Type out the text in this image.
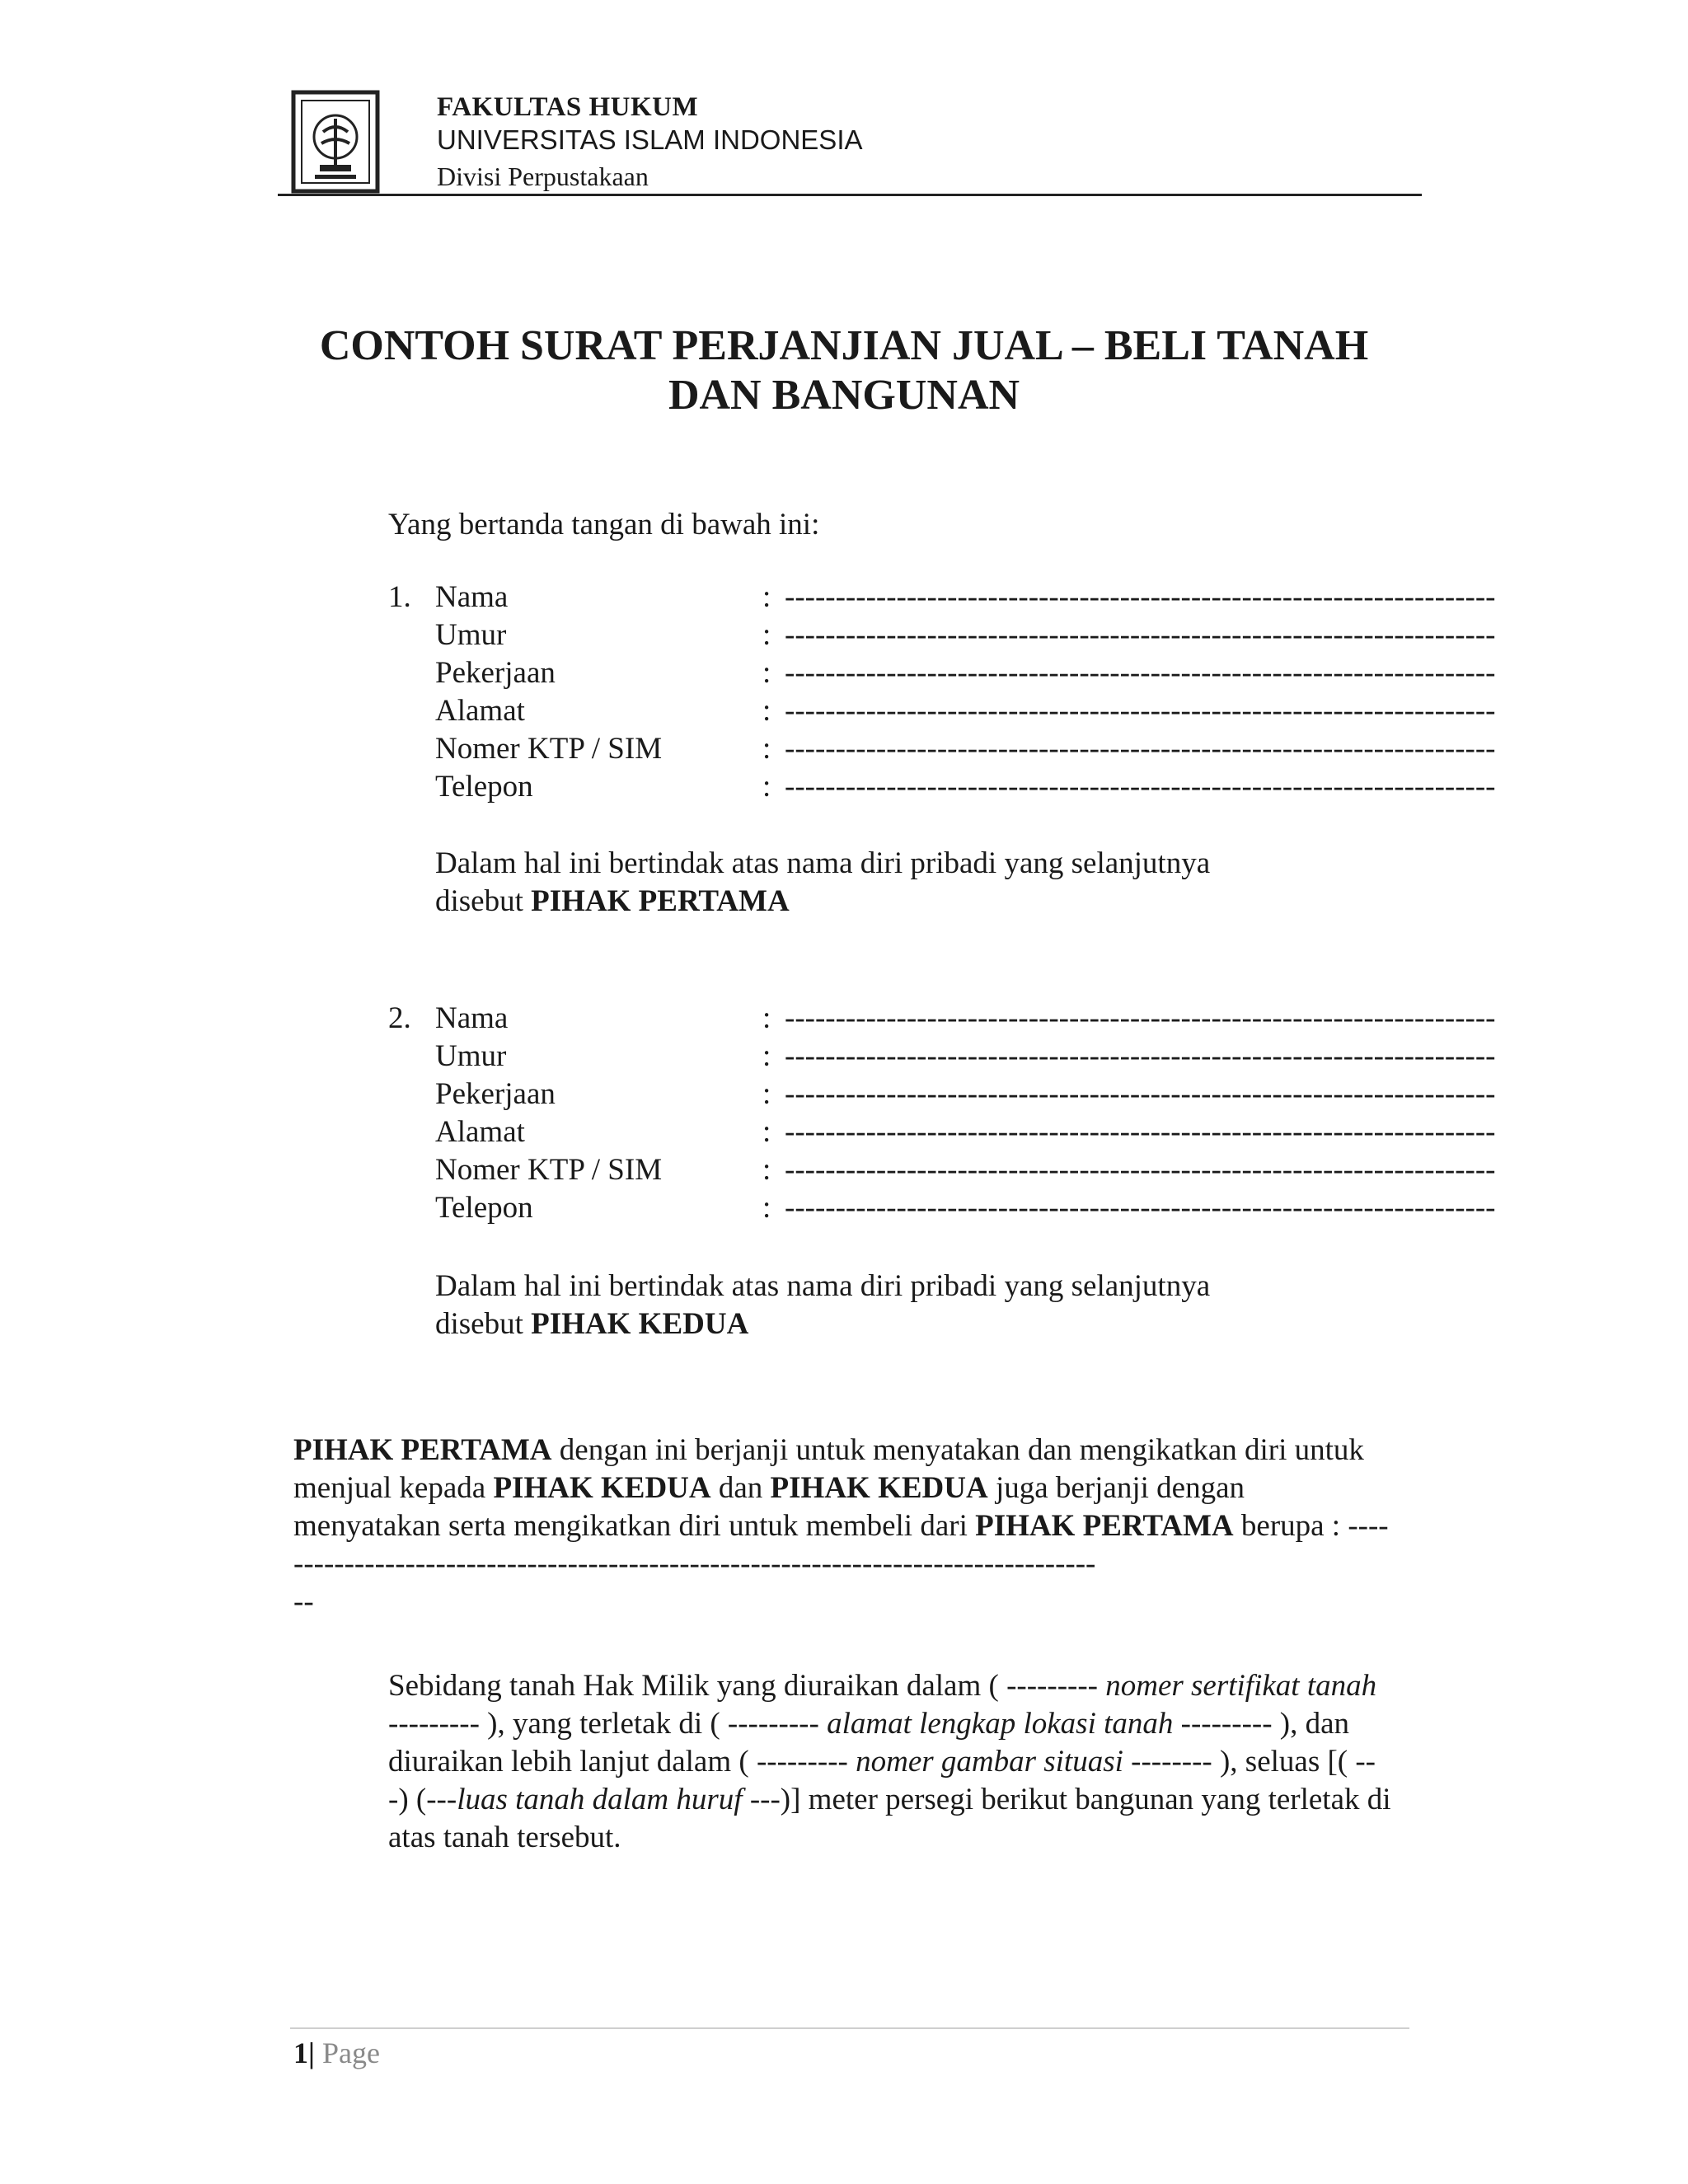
FAKULTAS HUKUM
UNIVERSITAS ISLAM INDONESIA
Divisi Perpustakaan
CONTOH SURAT PERJANJIAN JUAL – BELI TANAH
DAN BANGUNAN
Yang bertanda tangan di bawah ini:
1. Nama	: ----------------------------------------------------------------------
Umur	: ----------------------------------------------------------------------
Pekerjaan	: ----------------------------------------------------------------------
Alamat	: ----------------------------------------------------------------------
Nomer KTP / SIM	: ----------------------------------------------------------------------
Telepon	: ----------------------------------------------------------------------
Dalam hal ini bertindak atas nama diri pribadi yang selanjutnya
disebut PIHAK PERTAMA
2. Nama	: ----------------------------------------------------------------------
Umur	: ----------------------------------------------------------------------
Pekerjaan	: ----------------------------------------------------------------------
Alamat	: ----------------------------------------------------------------------
Nomer KTP / SIM	: ----------------------------------------------------------------------
Telepon	: ----------------------------------------------------------------------
Dalam hal ini bertindak atas nama diri pribadi yang selanjutnya
disebut PIHAK KEDUA
PIHAK PERTAMA dengan ini berjanji untuk menyatakan dan mengikatkan diri untuk menjual kepada PIHAK KEDUA dan PIHAK KEDUA juga berjanji dengan menyatakan serta mengikatkan diri untuk membeli dari PIHAK PERTAMA berupa : -----------------------------------------------------------------------------------
--
Sebidang tanah Hak Milik yang diuraikan dalam ( --------- nomer sertifikat tanah --------- ), yang terletak di ( --------- alamat lengkap lokasi tanah --------- ), dan diuraikan lebih lanjut dalam ( --------- nomer gambar situasi -------- ), seluas [( ---) (---luas tanah dalam huruf ---)] meter persegi berikut bangunan yang terletak di atas tanah tersebut.
1| Page
